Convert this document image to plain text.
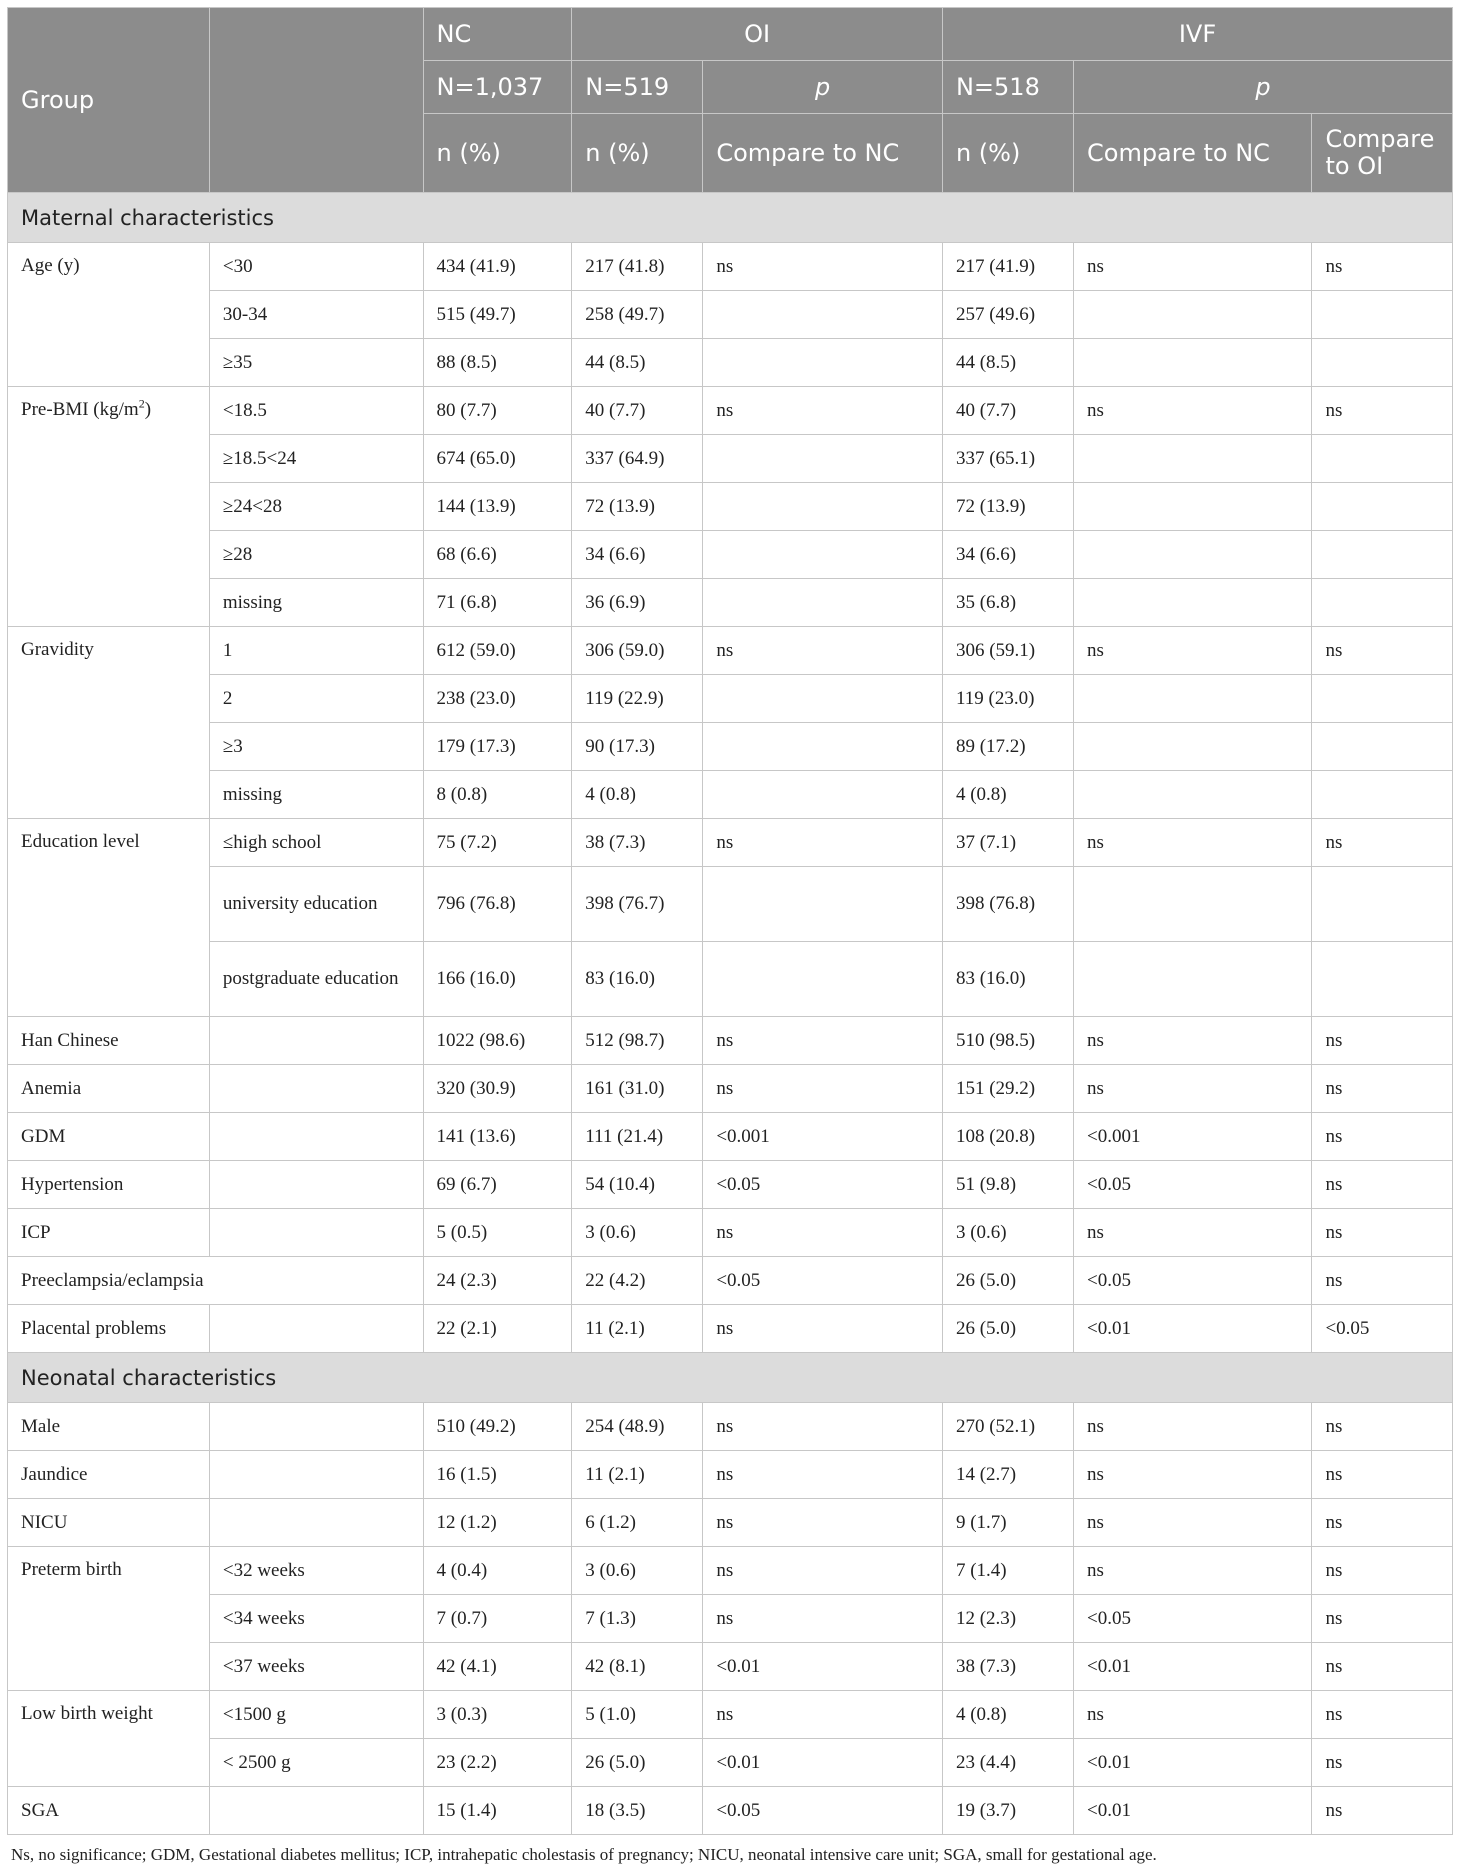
Group		NC	OI		IVF		
		N=1,037	N=519	p	N=518	p	
		n (%)	n (%)	Compare to NC	n (%)	Compare to NC	Compare to OI
Maternal characteristics							
Age (y)	<30	434 (41.9)	217 (41.8)	ns	217 (41.9)	ns	ns
	30-34	515 (49.7)	258 (49.7)		257 (49.6)		
	≥35	88 (8.5)	44 (8.5)		44 (8.5)		
Pre-BMI $(kg/m^2)$	<18.5	80 (7.7)	40 (7.7)	ns	40 (7.7)	ns	ns
	≥18.5<24	674 (65.0)	337 (64.9)		337 (65.1)		
	≥24<28	144 (13.9)	72 (13.9)		72 (13.9)		
	≥28	68 (6.6)	34 (6.6)		34 (6.6)		
	missing	71 (6.8)	36 (6.9)		35 (6.8)		
Gravidity	1	612 (59.0)	306 (59.0)	ns	306 (59.1)	ns	ns
	2	238 (23.0)	119 (22.9)		119 (23.0)		
	≥3	179 (17.3)	90 (17.3)		89 (17.2)		
	missing	8 (0.8)	4 (0.8)		4 (0.8)		
Education level	≤high school	75 (7.2)	38 (7.3)	ns	37 (7.1)	ns	ns
	university education	796 (76.8)	398 (76.7)		398 (76.8)		
	postgraduate education	166 (16.0)	83 (16.0)		83 (16.0)		
Han Chinese		1022 (98.6)	512 (98.7)	ns	510 (98.5)	ns	ns
Anemia		320 (30.9)	161 (31.0)	ns	151 (29.2)	ns	ns
GDM		141 (13.6)	111 (21.4)	<0.001	108 (20.8)	<0.001	ns
Hypertension		69 (6.7)	54 (10.4)	<0.05	51 (9.8)	<0.05	ns
ICP		5 (0.5)	3 (0.6)	ns	3 (0.6)	ns	ns
Preeclampsia/eclampsia		24 (2.3)	22 (4.2)	<0.05	26 (5.0)	<0.05	ns
Placental problems		22 (2.1)	11 (2.1)	ns	26 (5.0)	<0.01	<0.05
Neonatal characteristics							
Male		510 (49.2)	254 (48.9)	ns	270 (52.1)	ns	ns
Jaundice		16 (1.5)	11 (2.1)	ns	14 (2.7)	ns	ns
NICU		12 (1.2)	6 (1.2)	ns	9 (1.7)	ns	ns
Preterm birth	<32 weeks	4 (0.4)	3 (0.6)	ns	7 (1.4)	ns	ns
	<34 weeks	7 (0.7)	7 (1.3)	ns	12 (2.3)	<0.05	ns
	<37 weeks	42 (4.1)	42 (8.1)	<0.01	38 (7.3)	<0.01	ns
Low birth weight	<1500 g	3 (0.3)	5 (1.0)	ns	4 (0.8)	ns	ns
	< 2500 g	23 (2.2)	26 (5.0)	<0.01	23 (4.4)	<0.01	ns
SGA		15 (1.4)	18 (3.5)	<0.05	19 (3.7)	<0.01	ns
Ns, no significance; GDM, Gestational diabetes mellitus; ICP, intrahepatic cholestasis of pregnancy; NICU, neonatal intensive care unit; SGA, small for gestational age.
